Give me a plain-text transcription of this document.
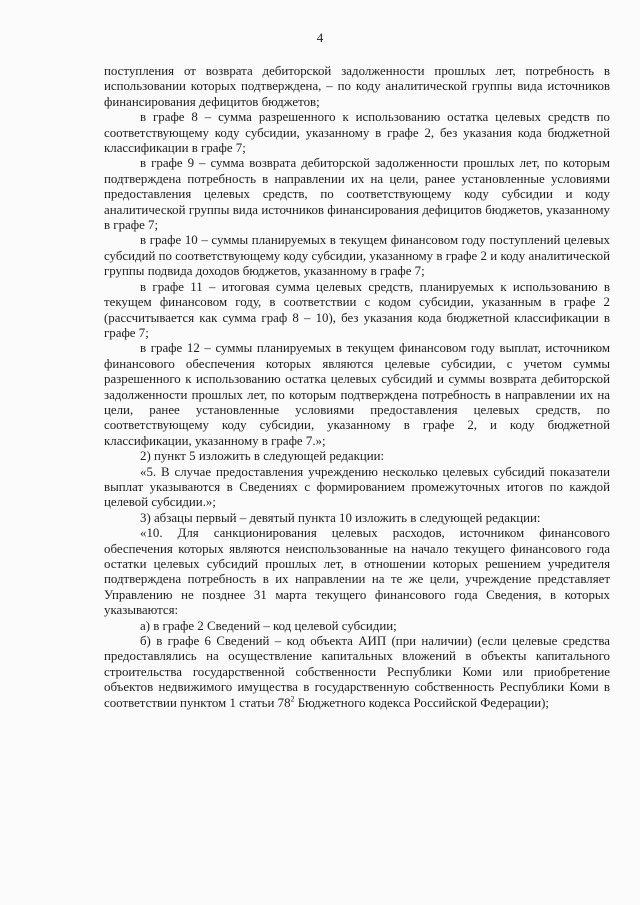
4

поступления от возврата дебиторской задолженности прошлых лет, потребность в использовании которых подтверждена, – по коду аналитической группы вида источников финансирования дефицитов бюджетов;

в графе 8 – сумма разрешенного к использованию остатка целевых средств по соответствующему коду субсидии, указанному в графе 2, без указания кода бюджетной классификации в графе 7;

в графе 9 – сумма возврата дебиторской задолженности прошлых лет, по которым подтверждена потребность в направлении их на цели, ранее установленные условиями предоставления целевых средств, по соответствующему коду субсидии и коду аналитической группы вида источников финансирования дефицитов бюджетов, указанному в графе 7;

в графе 10 – суммы планируемых в текущем финансовом году поступлений целевых субсидий по соответствующему коду субсидии, указанному в графе 2 и коду аналитической группы подвида доходов бюджетов, указанному в графе 7;

в графе 11 – итоговая сумма целевых средств, планируемых к использованию в текущем финансовом году, в соответствии с кодом субсидии, указанным в графе 2 (рассчитывается как сумма граф 8 – 10), без указания кода бюджетной классификации в графе 7;

в графе 12 – суммы планируемых в текущем финансовом году выплат, источником финансового обеспечения которых являются целевые субсидии, с учетом суммы разрешенного к использованию остатка целевых субсидий и суммы возврата дебиторской задолженности прошлых лет, по которым подтверждена потребность в направлении их на цели, ранее установленные условиями предоставления целевых средств, по соответствующему коду субсидии, указанному в графе 2, и коду бюджетной классификации, указанному в графе 7.»;

2) пункт 5 изложить в следующей редакции:

«5. В случае предоставления учреждению несколько целевых субсидий показатели выплат указываются в Сведениях с формированием промежуточных итогов по каждой целевой субсидии.»;

3) абзацы первый – девятый пункта 10 изложить в следующей редакции:

«10. Для санкционирования целевых расходов, источником финансового обеспечения которых являются неиспользованные на начало текущего финансового года остатки целевых субсидий прошлых лет, в отношении которых решением учредителя подтверждена потребность в их направлении на те же цели, учреждение представляет Управлению не позднее 31 марта текущего финансового года Сведения, в которых указываются:

а) в графе 2 Сведений – код целевой субсидии;

б) в графе 6 Сведений – код объекта АИП (при наличии) (если целевые средства предоставлялись на осуществление капитальных вложений в объекты капитального строительства государственной собственности Республики Коми или приобретение объектов недвижимого имущества в государственную собственность Республики Коми в соответствии пунктом 1 статьи $78^2$ Бюджетного кодекса Российской Федерации);
